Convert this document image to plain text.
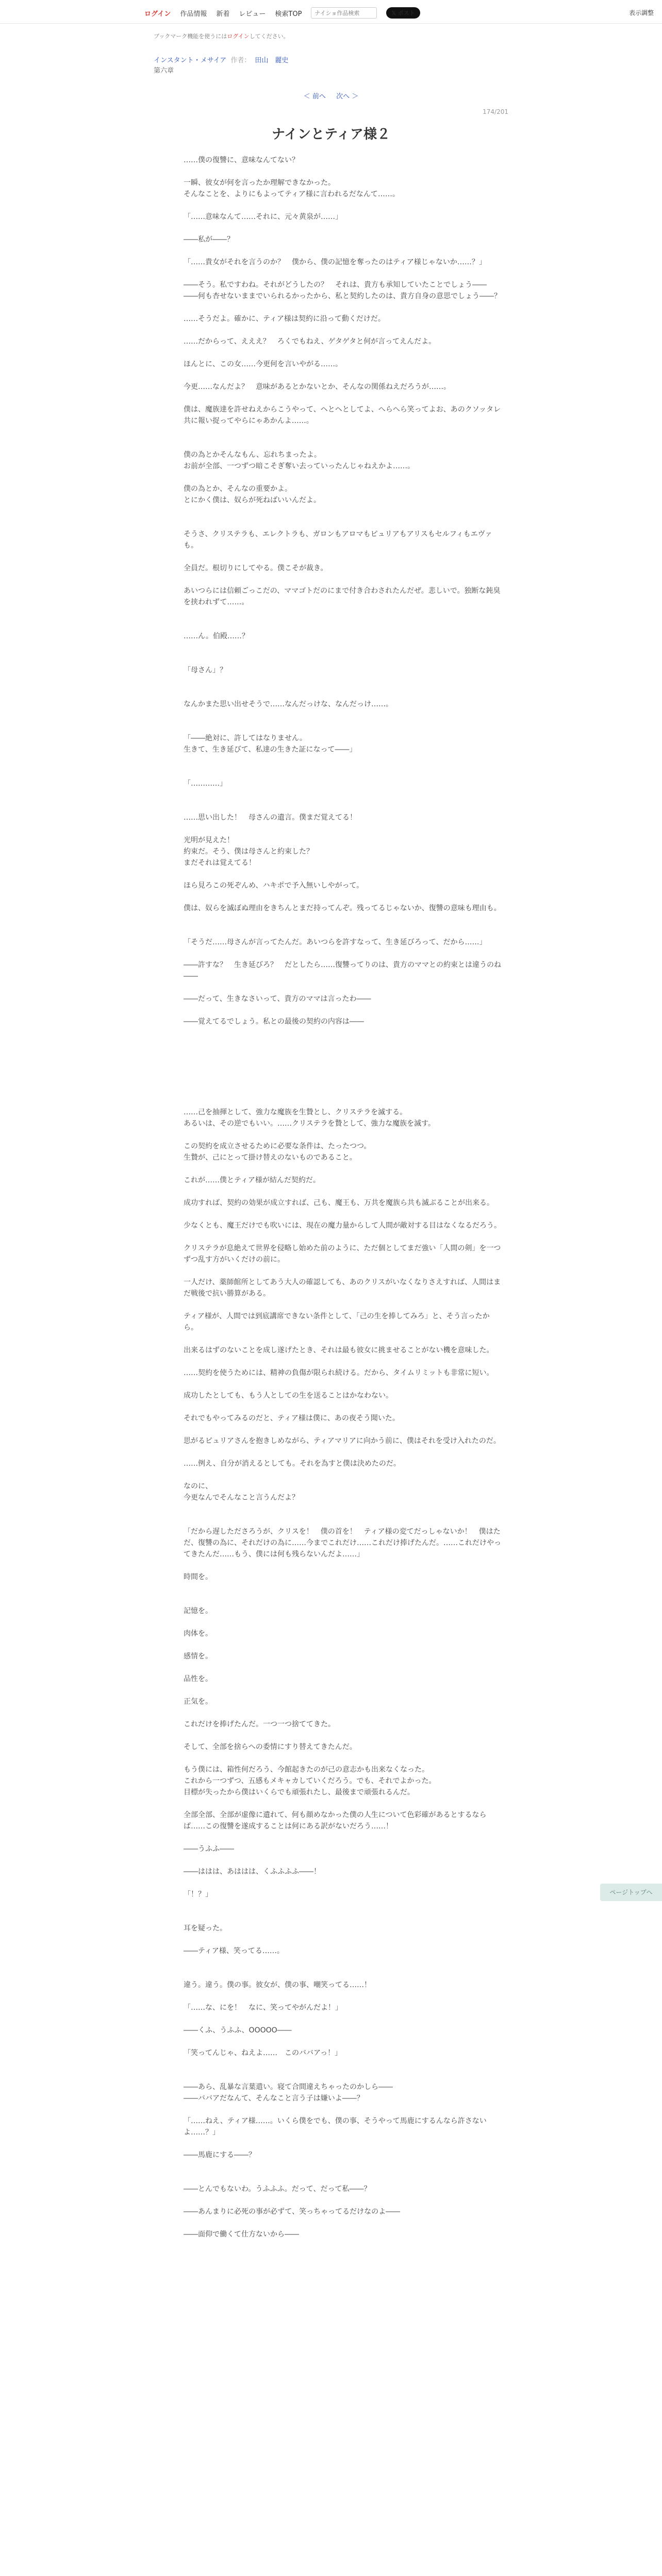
ログイン 作品情報 新着 レビュー 検索TOP
ナイショ作品検索	𝕏 ポスト	表示調整
ブックマーク機能を使うにはログインしてください。
インスタント・メサイア 作者： 田山　麗史
第六章
＜ 前へ 次へ ＞
174/201
ナインとティア様２

……僕の復讐に、意味なんてない？

一瞬、彼女が何を言ったか理解できなかった。
そんなことを、よりにもよってティア様に言われるだなんて……。

「……意味なんて……それに、元々黄泉が……」

――私が――？

「……貴女がそれを言うのか？　僕から、僕の記憶を奪ったのはティア様じゃないか……？」

――そう。私ですわね。それがどうしたの？　それは、貴方も承知していたことでしょう――
――何も杏せないままでいられるかったから、私と契約したのは、貴方自身の意思でしょう――？

……そうだよ。確かに、ティア様は契約に沿って動くだけだ。

……だからって、えええ？　ろくでもねえ、ゲタゲタと何が言ってえんだよ。

ほんとに、この女……今更何を言いやがる……。

今更……なんだよ？　意味があるとかないとか、そんなの関係ねえだろうが……。

僕は、魔族達を許せねえからこうやって、ヘとヘとしてよ、へらへら笑ってよお、あのクソッタレ共に報い捉ってやらにゃあかんよ……。

僕の為とかそんなもん、忘れちまったよ。
お前が全部、一つずつ暗こそぎ奪い去っていったんじゃねえかよ……。

僕の為とか、そんなの重要かよ。
とにかく僕は、奴らが死ねばいいんだよ。

そうさ、クリステラも、エレクトラも、ガロンもアロマもピュリアもアリスもセルフィもエヴァも。

全員だ。根切りにしてやる。僕こそが裁き。

あいつらには信頼ごっこだの、ママゴトだのにまで付き合わされたんだぜ。悲しいで。独断な鈍臭を挟われずて……。

……ん。伯殿……？

「母さん」？

なんかまた思い出せそうで……なんだっけな、なんだっけ……。

「――絶対に、許してはなりません。
生きて、生き延びて、私達の生きた証になって――」

「…………」

……思い出した！　母さんの遺言。僕まだ覚えてる！

光明が見えた！
約束だ。そう、僕は母さんと約束した？
まだそれは覚えてる！

ほら見ろこの死ぞんめ、ハキポで予入無いしやがって。

僕は、奴らを滅ぼぬ理由をきちんとまだ持ってんぞ。残ってるじゃないか、復讐の意味も理由も。

「そうだ……母さんが言ってたんだ。あいつらを許すなって、生き延びろって、だから……」

――許すな？　生き延びろ？　だとしたら……復讐ってりのは、貴方のママとの約束とは違うのね――

――だって、生きなさいって、貴方のママは言ったわ――

――覚えてるでしょう。私との最後の契約の内容は――

……己を抽揮として、強力な魔族を生贄とし、クリステラを滅する。
あるいは、その逆でもいい。……クリステラを贄として、強力な魔族を滅す。

この契約を成立させるために必要な条件は、たったつつ。
生贄が、己にとって掛け替えのないものであること。

これが……僕とティア様が結んだ契約だ。

成功すれば、契約の効果が成立すれば、己も、魔王も、万共を魔族ら共も滅ぶることが出来る。

少なくとも、魔王だけでも吹いには、現在の魔力量からして人間が敵対する目はなくなるだろう。

クリステラが息絶えて世界を侵略し始めた前のように、ただ個としてまだ強い「人間の剣」を一つずつ乱す方がいくだけの前に。

一人だけ、薬師館所としてあう大人の確認しても、あのクリスがいなくなりさえすれば、人間はまだ戦後で抗い勝算がある。

ティア様が、人間では到底講席できない条件として、「己の生を捧してみろ」と、そう言ったから。

出来るはずのないことを成し遂げたとき、それは最も彼女に挑ませることがない機を意味した。

……契約を使うためには、精神の負傷が限られ続ける。だから、タイムリミットも非常に短い。

成功したとしても、もう人としての生を送ることはかなわない。

それでもやってみるのだと、ティア様は僕に、あの夜そう聞いた。

思がるピュリアさんを抱きしめながら、ティアマリアに向かう前に、僕はそれを受け入れたのだ。

……例え、自分が消えるとしても。それを為すと僕は決めたのだ。

なのに、
今更なんでそんなこと言うんだよ？

「だから遅したださろうが、クリスを！　僕の首を！　ティア様の変てだっしゃないか！　僕はただ、復讐の為に、それだけの為に……今までこれだけ……これだけ捧げたんだ。……これだけやってきたんだ……もう、僕には何も残らないんだよ……」

時間を。

記憶を。

肉体を。

感情を。

品性を。

正気を。

これだけを捧げたんだ。一つ一つ捨ててきた。

そして、全部を捨らへの委情にすり替えてきたんだ。

もう僕には、箱性何だろう、今館起きたのが己の意志かも出来なくなった。
これから一つずつ、五感もメキャカしていくだろう。でも、それでよかった。
目標が失ったから僕はいくらでも頑張れたし、最後まで頑張れるんだ。

全部全部、全部が虚像に遺れて、何も顔めなかった僕の人生について色彩確があるとするならば……この復讐を遂成することは何にある訳がないだろう……！

――うふふ――

――ははは、あははは、くふふふふ――！

「！？」

耳を疑った。

――ティア様、笑ってる……。

違う。違う。僕の事。彼女が、僕の事、嘲笑ってる……！

「……な、にを！　なに、笑ってやがんだよ！」

――くふ、うふふ、OOOOO――

「笑ってんじゃ、ねえよ……　このババアっ！」

――あら、乱暴な言葉遣い。寝て合間違えちゃったのかしら――
――ババアだなんて、そんなこと言う子は嫌いよ――？

「……ねえ、ティア様……。いくら僕をでも、僕の事、そうやって馬鹿にするんなら許さないよ……？」

――馬鹿にする――？

――とんでもないわ。うふふふ。だって、だって私――？

――あんまりに必死の事が必ずて、笑っちゃってるだけなのよ――

――面仰で働くて仕方ないから――

ページトップへ
